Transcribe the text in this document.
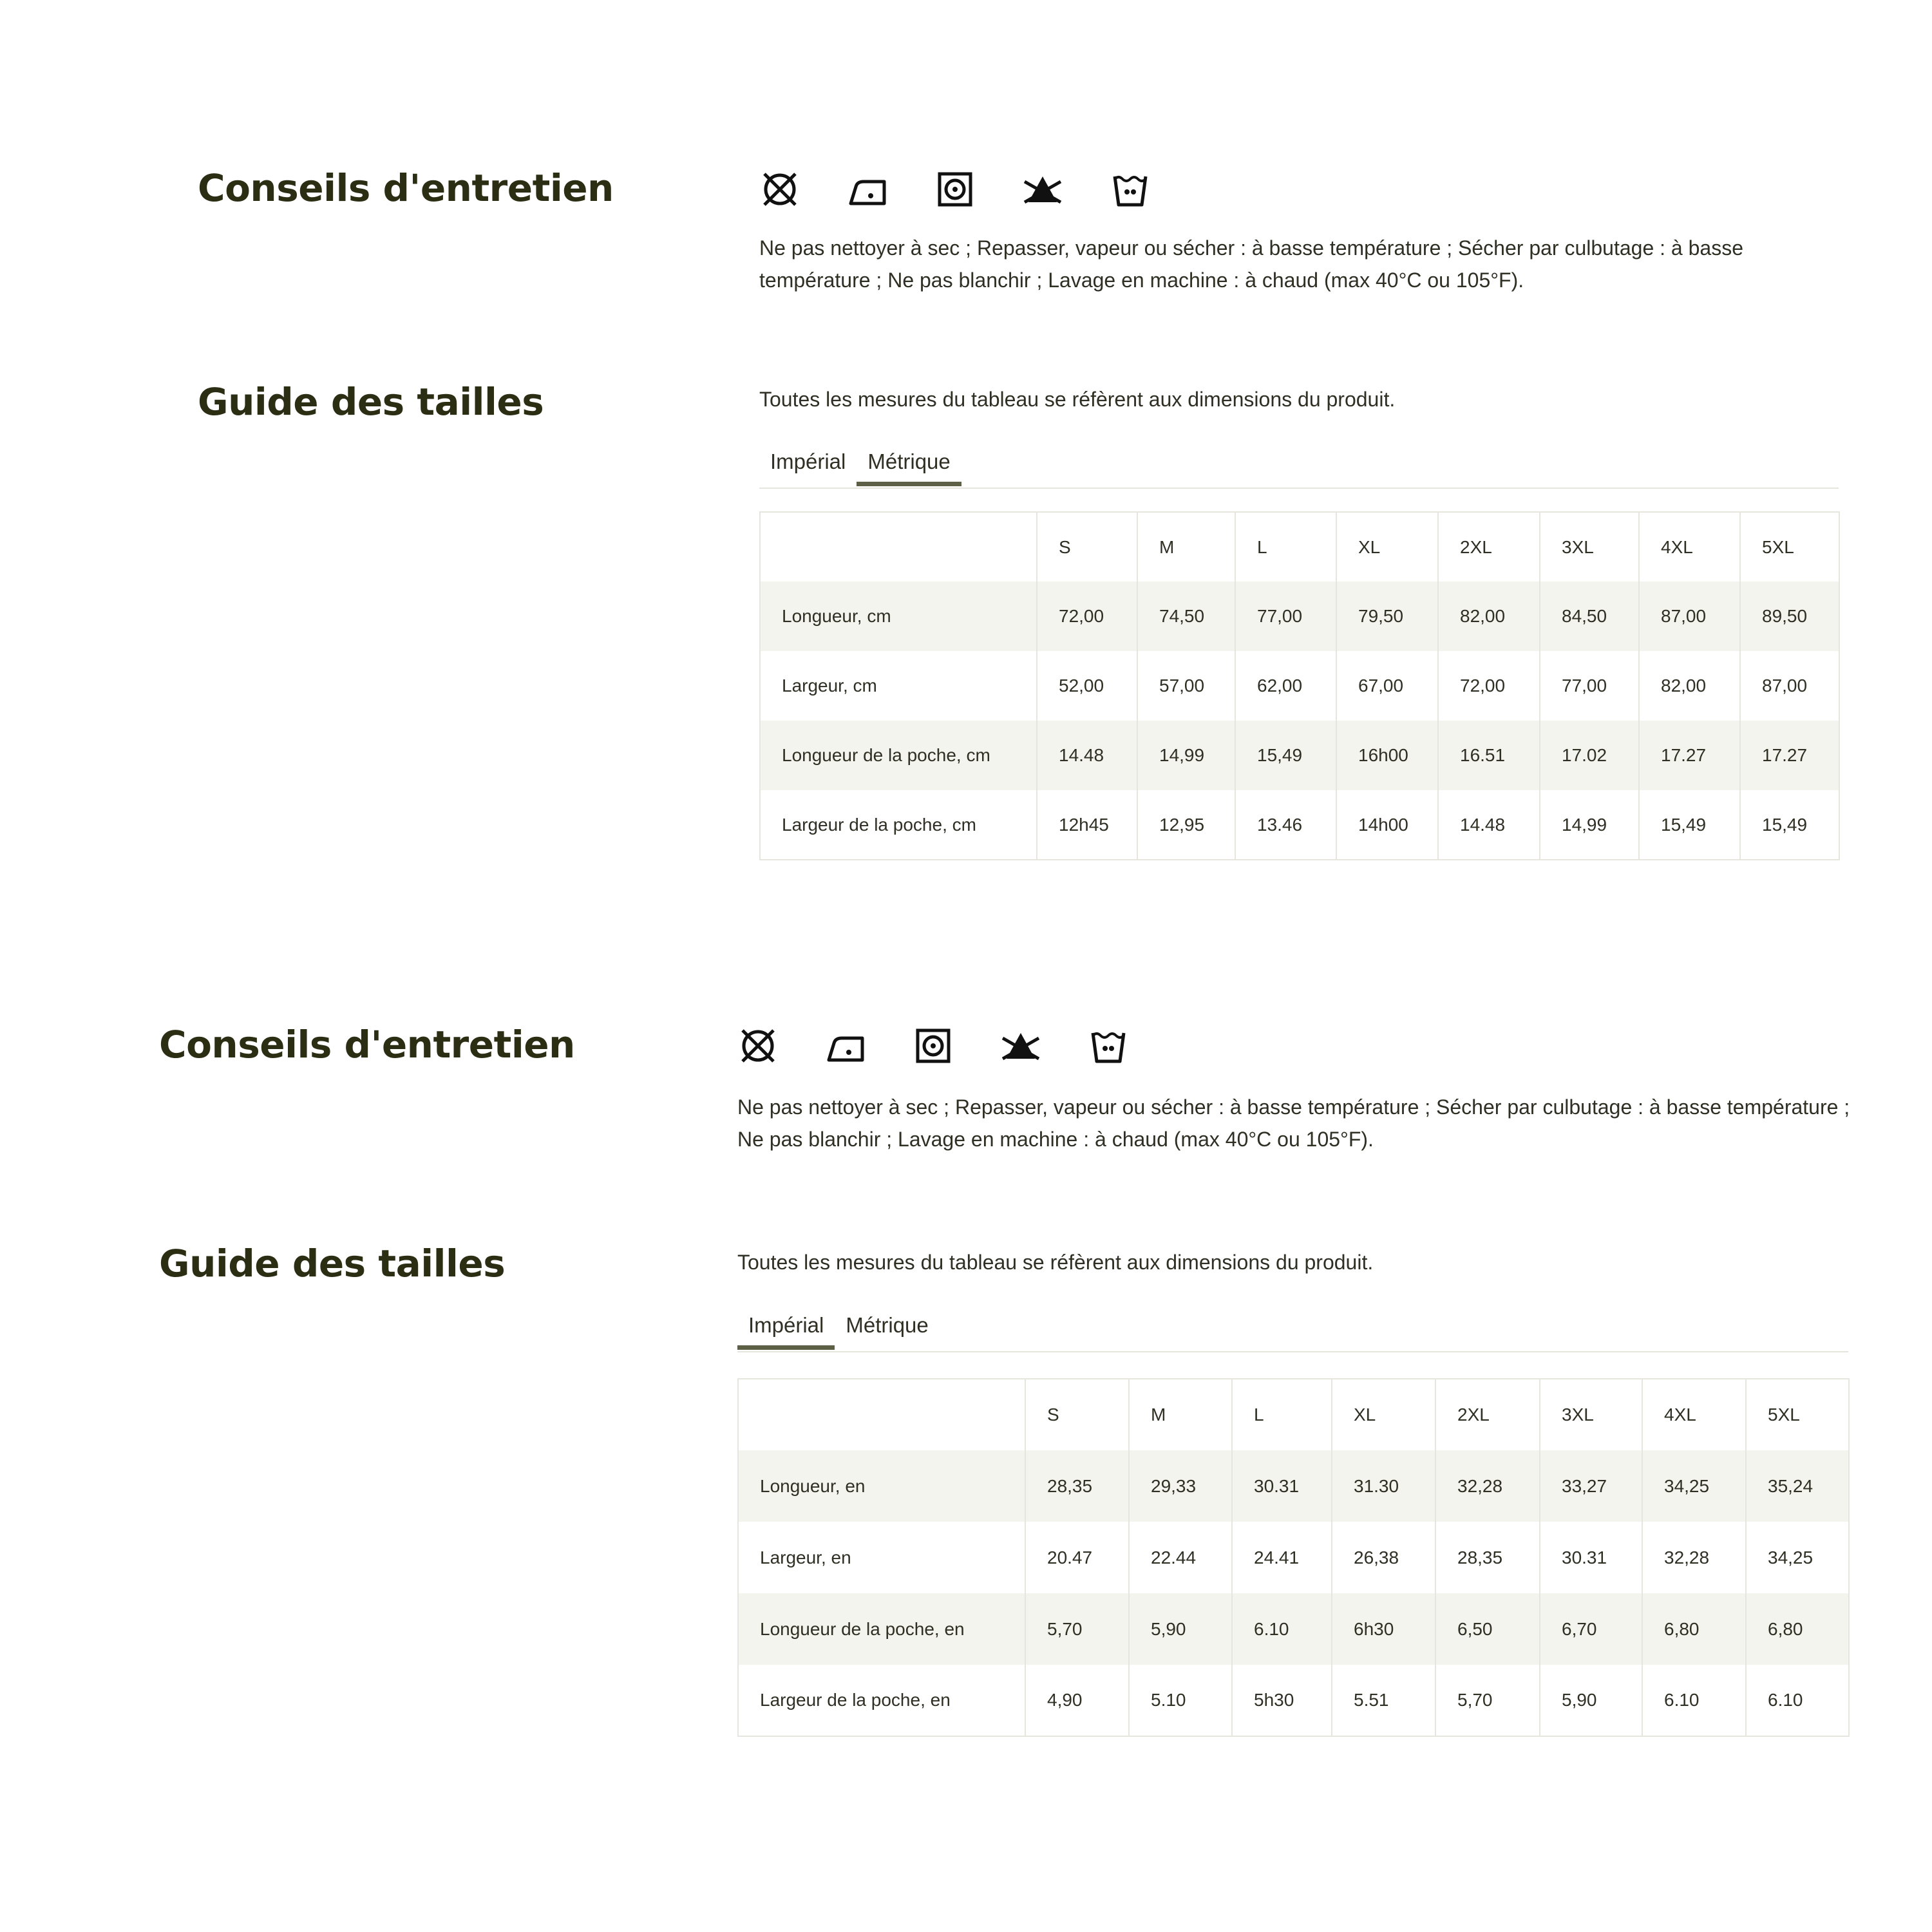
Conseils d'entretien

Ne pas nettoyer à sec ; Repasser, vapeur ou sécher : à basse température ; Sécher par culbutage : à basse température ; Ne pas blanchir ; Lavage en machine : à chaud (max 40°C ou 105°F).

Guide des tailles	Toutes les mesures du tableau se réfèrent aux dimensions du produit.

Impérial	Métrique
	S	M	L	XL	2XL	3XL	4XL	5XL
Longueur, cm	72,00	74,50	77,00	79,50	82,00	84,50	87,00	89,50
Largeur, cm	52,00	57,00	62,00	67,00	72,00	77,00	82,00	87,00
Longueur de la poche, cm	14.48	14,99	15,49	16h00	16.51	17.02	17.27	17.27
Largeur de la poche, cm	12h45	12,95	13.46	14h00	14.48	14,99	15,49	15,49
Conseils d'entretien

Ne pas nettoyer à sec ; Repasser, vapeur ou sécher : à basse température ; Sécher par culbutage : à basse température ; Ne pas blanchir ; Lavage en machine : à chaud (max 40°C ou 105°F).

Guide des tailles	Toutes les mesures du tableau se réfèrent aux dimensions du produit.

Impérial	Métrique
	S	M	L	XL	2XL	3XL	4XL	5XL
Longueur, en	28,35	29,33	30.31	31.30	32,28	33,27	34,25	35,24
Largeur, en	20.47	22.44	24.41	26,38	28,35	30.31	32,28	34,25
Longueur de la poche, en	5,70	5,90	6.10	6h30	6,50	6,70	6,80	6,80
Largeur de la poche, en	4,90	5.10	5h30	5.51	5,70	5,90	6.10	6.10
